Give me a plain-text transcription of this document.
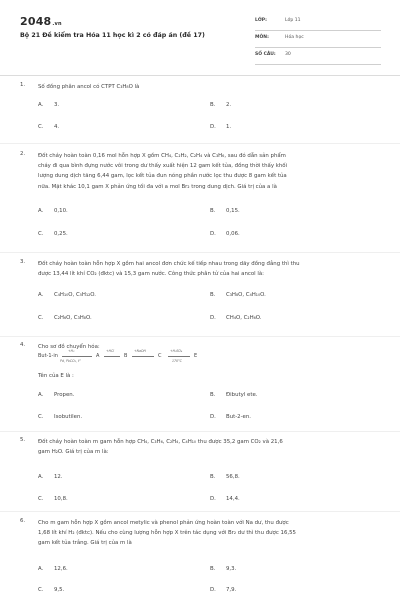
2048.vn
Bộ 21 Đề kiểm tra Hóa 11 học kì 2 có đáp án (đề 17)
LỚP:	Lớp 11
MÔN:	Hóa học
SỐ CÂU: 30
1. Số đồng phân ancol có CTPT C₃H₈O là
A. 3.	B. 2.
C. 4.	D. 1.
2. Đốt cháy hoàn toàn 0,16 mol hỗn hợp X gồm CH₄, C₂H₂, C₂H₄ và C₃H₆, sau đó dẫn sản phẩm
cháy đi qua bình đựng nước vôi trong dư thấy xuất hiện 12 gam kết tủa, đồng thời thấy khối
lượng dung dịch tăng 6,44 gam, lọc kết tủa đun nóng phần nước lọc thu được 8 gam kết tủa
nữa. Mặt khác 10,1 gam X phản ứng tối đa với a mol Br₂ trong dung dịch. Giá trị của a là
A. 0,10.	B. 0,15.
C. 0,25.	D. 0,06.
3. Đốt cháy hoàn toàn hỗn hợp X gồm hai ancol đơn chức kế tiếp nhau trong dãy đồng đẳng thì thu
được 13,44 lít khí CO₂ (đktc) và 15,3 gam nước. Công thức phân tử của hai ancol là:
A. C₄H₁₀O, C₅H₁₂O.	B. C₃H₈O, C₄H₁₀O.
C. C₂H₆O, C₃H₈O.	D. CH₄O, C₂H₆O.
4. Cho sơ đồ chuyển hóa:
But-1-in
+H₂
Pd, PbCO₃, t°
A
+HCl
B
+NaOH
C
+H₂SO₄
170°C
E
Tên của E là :
A. Propen.	B. Đibutyl ete.
C. Isobutilen.	D. But-2-en.
5. Đốt cháy hoàn toàn m gam hỗn hợp CH₄, C₃H₆, C₂H₄, C₄H₁₀ thu được 35,2 gam CO₂ và 21,6
gam H₂O. Giá trị của m là:
A. 12.	B. 56,8.
C. 10,8.	D. 14,4.
6. Cho m gam hỗn hợp X gồm ancol metylic và phenol phản ứng hoàn toàn với Na dư, thu được
1,68 lít khí H₂ (đktc). Nếu cho cùng lượng hỗn hợp X trên tác dụng với Br₂ dư thì thu được 16,55
gam kết tủa trắng. Giá trị của m là
A. 12,6.	B. 9,3.
C. 9,5.	D. 7,9.
